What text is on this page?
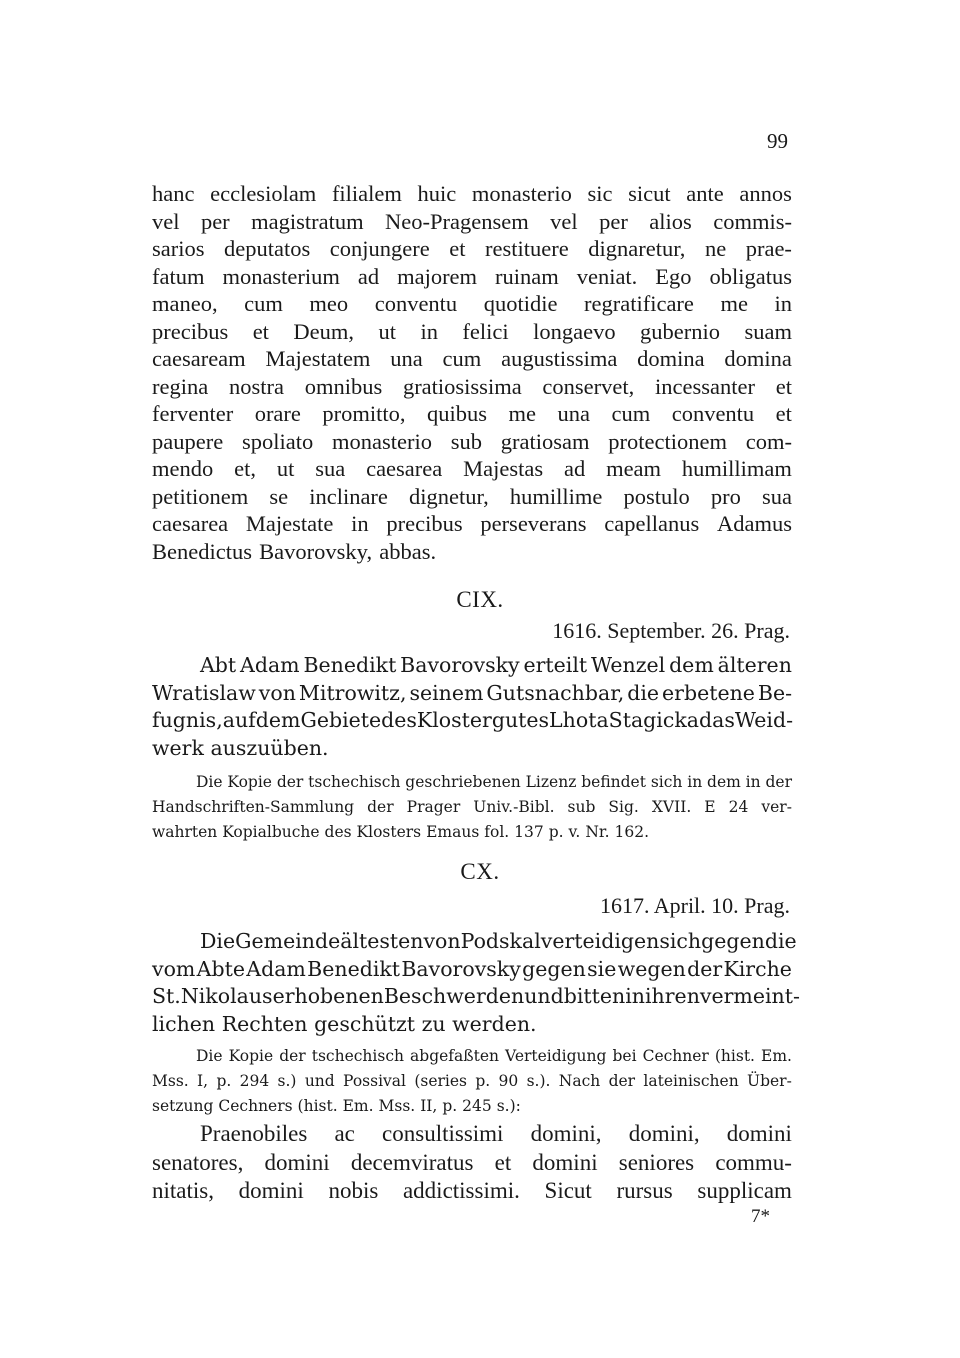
99
hanc ecclesiolam filialem huic monasterio sic sicut ante annos
vel per magistratum Neo-Pragensem vel per alios commis-
sarios deputatos conjungere et restituere dignaretur, ne prae-
fatum monasterium ad majorem ruinam veniat. Ego obligatus
maneo, cum meo conventu quotidie regratificare me in
precibus et Deum, ut in felici longaevo gubernio suam
caesaream Majestatem una cum augustissima domina domina
regina nostra omnibus gratiosissima conservet, incessanter et
ferventer orare promitto, quibus me una cum conventu et
paupere spoliato monasterio sub gratiosam protectionem com-
mendo et, ut sua caesarea Majestas ad meam humillimam
petitionem se inclinare dignetur, humillime postulo pro sua
caesarea Majestate in precibus perseverans capellanus Adamus
Benedictus Bavorovsky, abbas.
CIX.
1616. September. 26. Prag.
Abt Adam Benedikt Bavorovsky erteilt Wenzel dem älteren
Wratislaw von Mitrowitz, seinem Gutsnachbar, die erbetene Be-
fugnis, auf dem Gebiete des Klostergutes Lhota Stagicka das Weid-
werk auszuüben.
Die Kopie der tschechisch geschriebenen Lizenz befindet sich in dem in der
Handschriften-Sammlung der Prager Univ.-Bibl. sub Sig. XVII. E 24 ver-
wahrten Kopialbuche des Klosters Emaus fol. 137 p. v. Nr. 162.
CX.
1617. April. 10. Prag.
Die Gemeindeältesten von Podskal verteidigen sich gegen die
vom Abte Adam Benedikt Bavorovsky gegen sie wegen der Kirche
St. Nikolaus erhobenen Beschwerden und bitten in ihren vermeint-
lichen Rechten geschützt zu werden.
Die Kopie der tschechisch abgefaßten Verteidigung bei Cechner (hist. Em.
Mss. I, p. 294 s.) und Possival (series p. 90 s.). Nach der lateinischen Über-
setzung Cechners (hist. Em. Mss. II, p. 245 s.):
Praenobiles ac consultissimi domini, domini, domini
senatores, domini decemviratus et domini seniores commu-
nitatis, domini nobis addictissimi. Sicut rursus supplicam
7*
